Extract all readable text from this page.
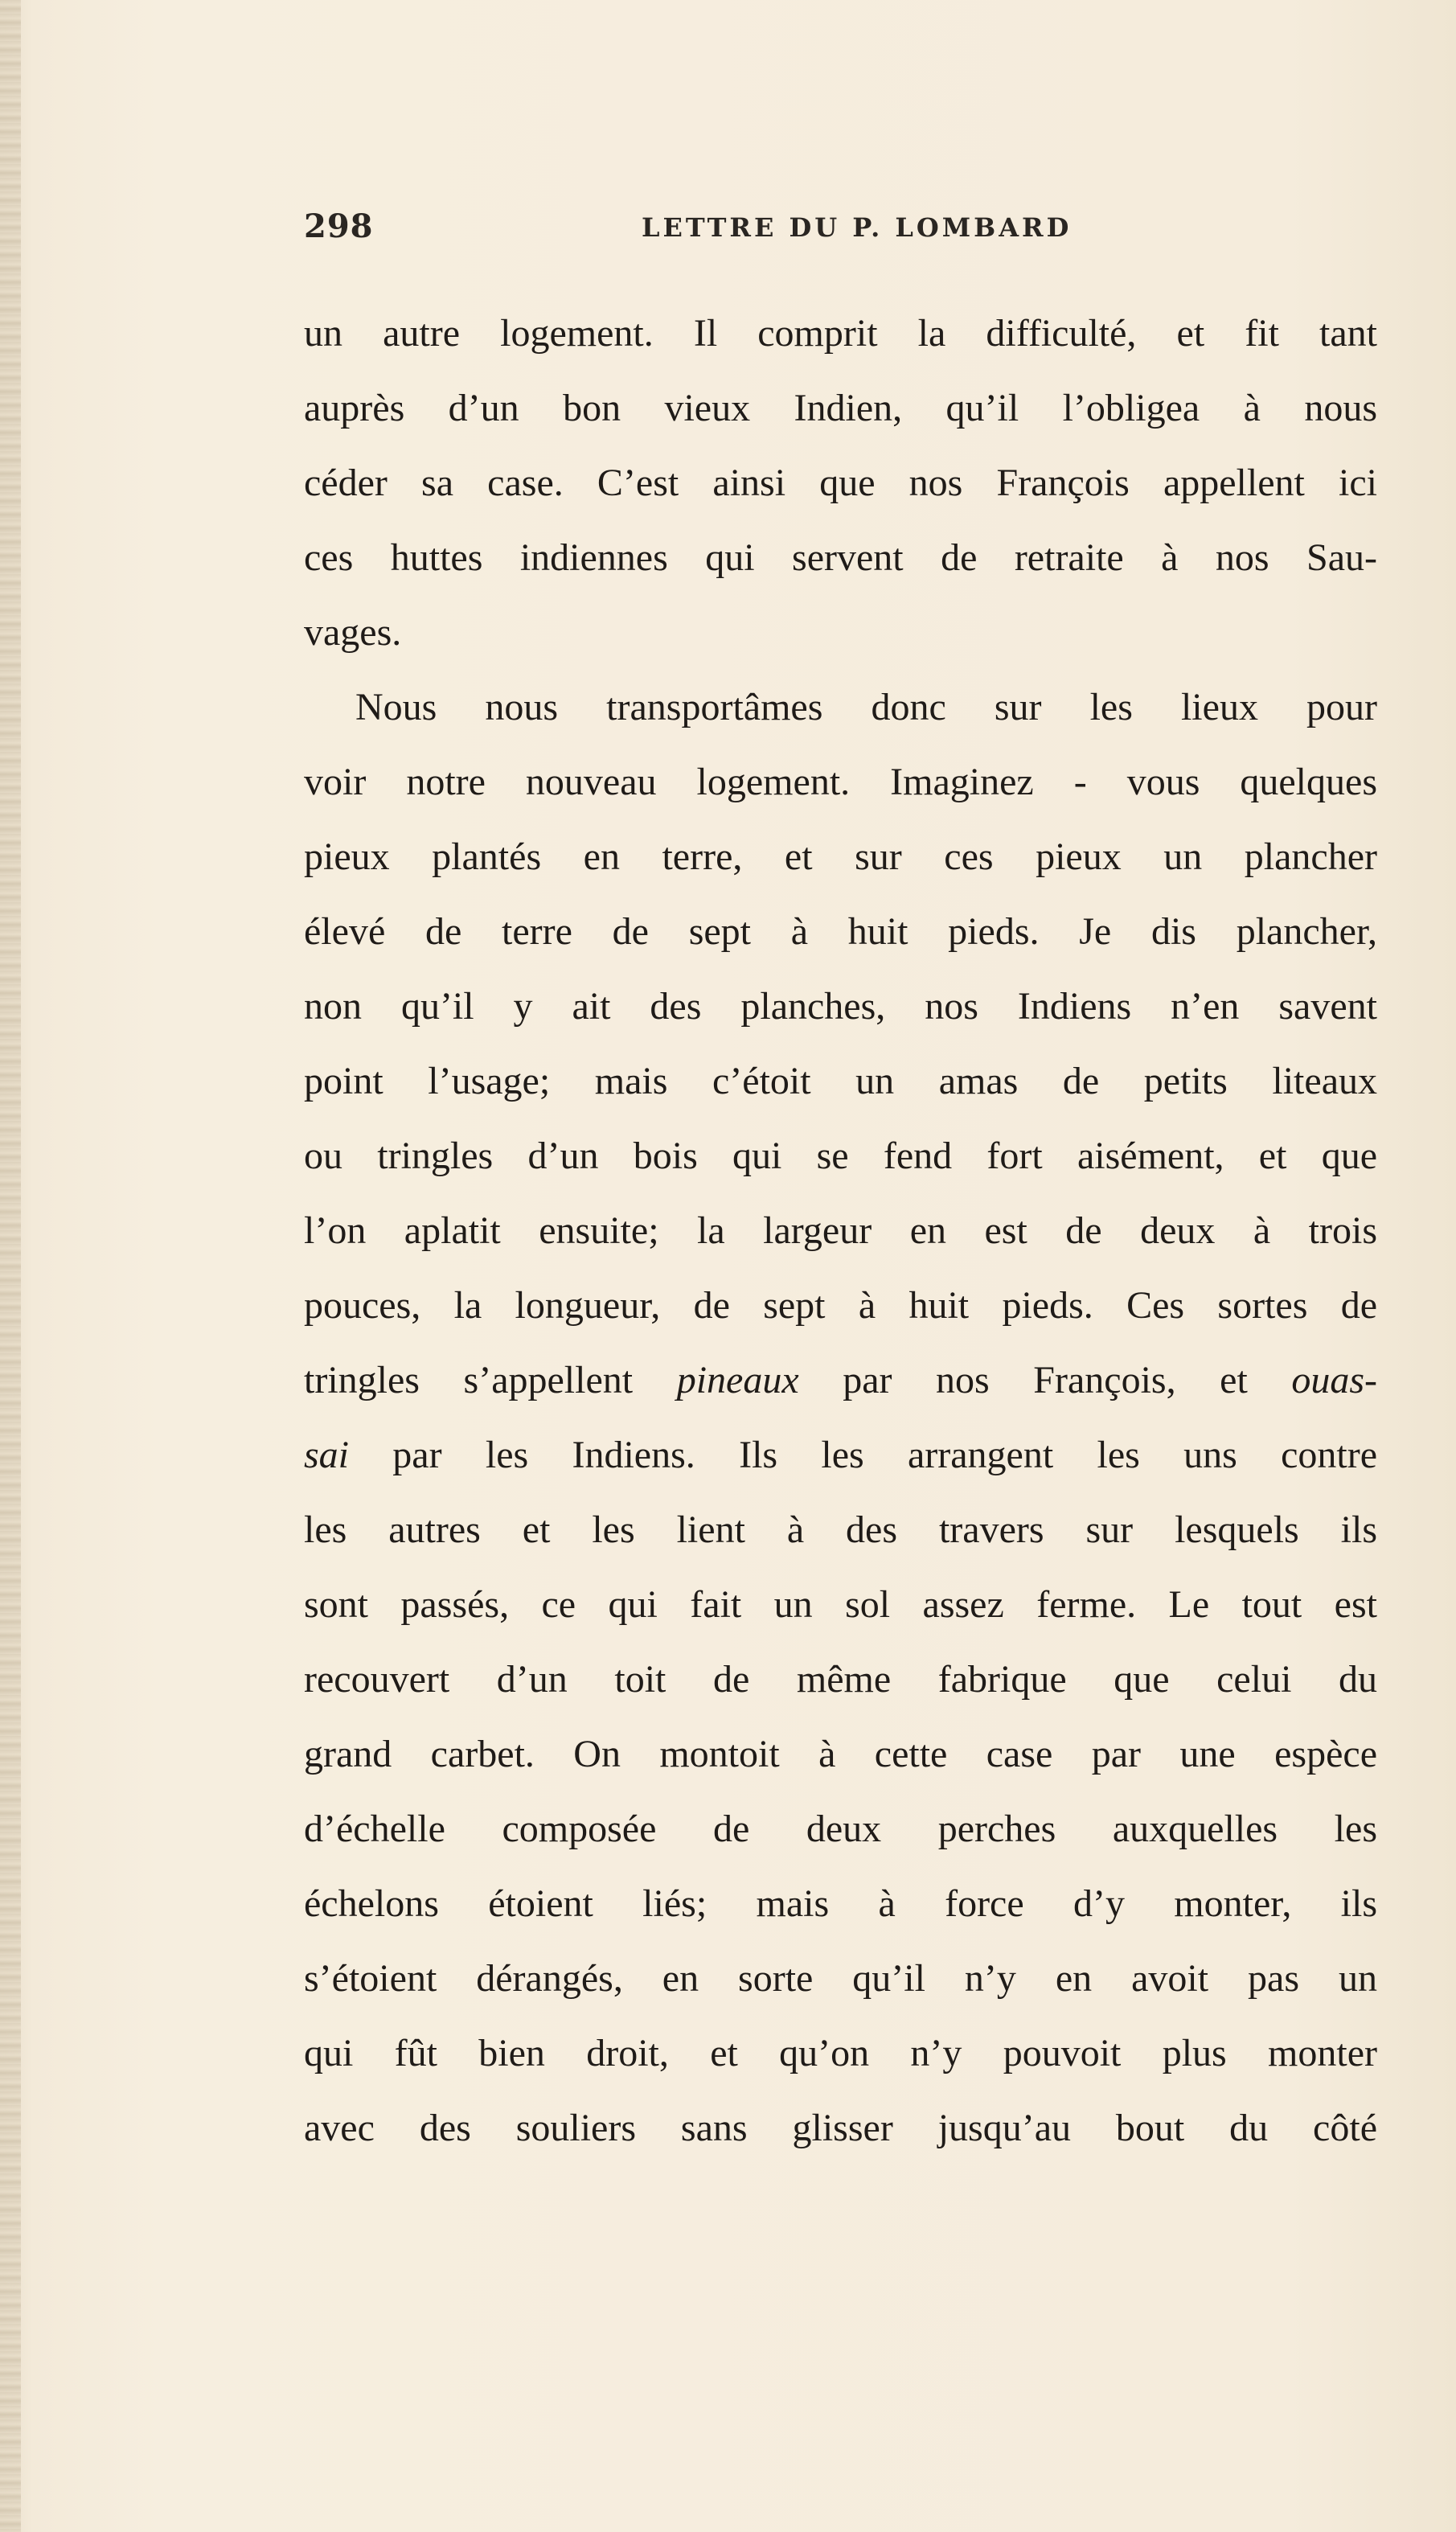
298	LETTRE DU P. LOMBARD
un autre logement. Il comprit la difficulté, et fit tant
auprès d’un bon vieux Indien, qu’il l’obligea à nous
céder sa case. C’est ainsi que nos François appellent ici
ces huttes indiennes qui servent de retraite à nos Sau-
vages.
Nous nous transportâmes donc sur les lieux pour
voir notre nouveau logement. Imaginez - vous quelques
pieux plantés en terre, et sur ces pieux un plancher
élevé de terre de sept à huit pieds. Je dis plancher,
non qu’il y ait des planches, nos Indiens n’en savent
point l’usage; mais c’étoit un amas de petits liteaux
ou tringles d’un bois qui se fend fort aisément, et que
l’on aplatit ensuite; la largeur en est de deux à trois
pouces, la longueur, de sept à huit pieds. Ces sortes de
tringles s’appellent pineaux par nos François, et ouas-
sai par les Indiens. Ils les arrangent les uns contre
les autres et les lient à des travers sur lesquels ils
sont passés, ce qui fait un sol assez ferme. Le tout est
recouvert d’un toit de même fabrique que celui du
grand carbet. On montoit à cette case par une espèce
d’échelle composée de deux perches auxquelles les
échelons étoient liés; mais à force d’y monter, ils
s’étoient dérangés, en sorte qu’il n’y en avoit pas un
qui fût bien droit, et qu’on n’y pouvoit plus monter
avec des souliers sans glisser jusqu’au bout du côté
